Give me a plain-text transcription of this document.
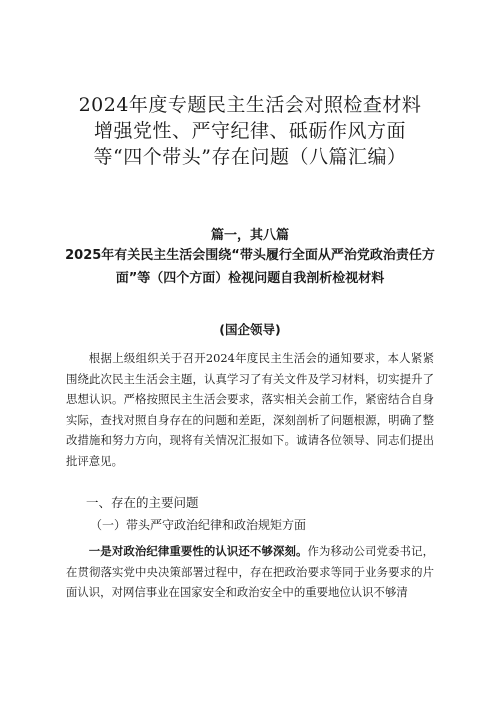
2024年度专题民主生活会对照检查材料增强党性、严守纪律、砥砺作风方面等“四个带头”存在问题（八篇汇编）

篇一，其八篇

2025年有关民主生活会围绕“带头履行全面从严治党政治责任方面”等（四个方面）检视问题自我剖析检视材料

(国企领导)

根据上级组织关于召开2024年度民主生活会的通知要求，本人紧紧围绕此次民主生活会主题，认真学习了有关文件及学习材料，切实提升了思想认识。严格按照民主生活会要求，落实相关会前工作，紧密结合自身实际，查找对照自身存在的问题和差距，深刻剖析了问题根源，明确了整改措施和努力方向，现将有关情况汇报如下。诚请各位领导、同志们提出批评意见。

一、存在的主要问题
（一）带头严守政治纪律和政治规矩方面

一是对政治纪律重要性的认识还不够深刻。作为移动公司党委书记，在贯彻落实党中央决策部署过程中，存在把政治要求等同于业务要求的片面认识，对网信事业在国家安全和政治安全中的重要地位认识不够清
